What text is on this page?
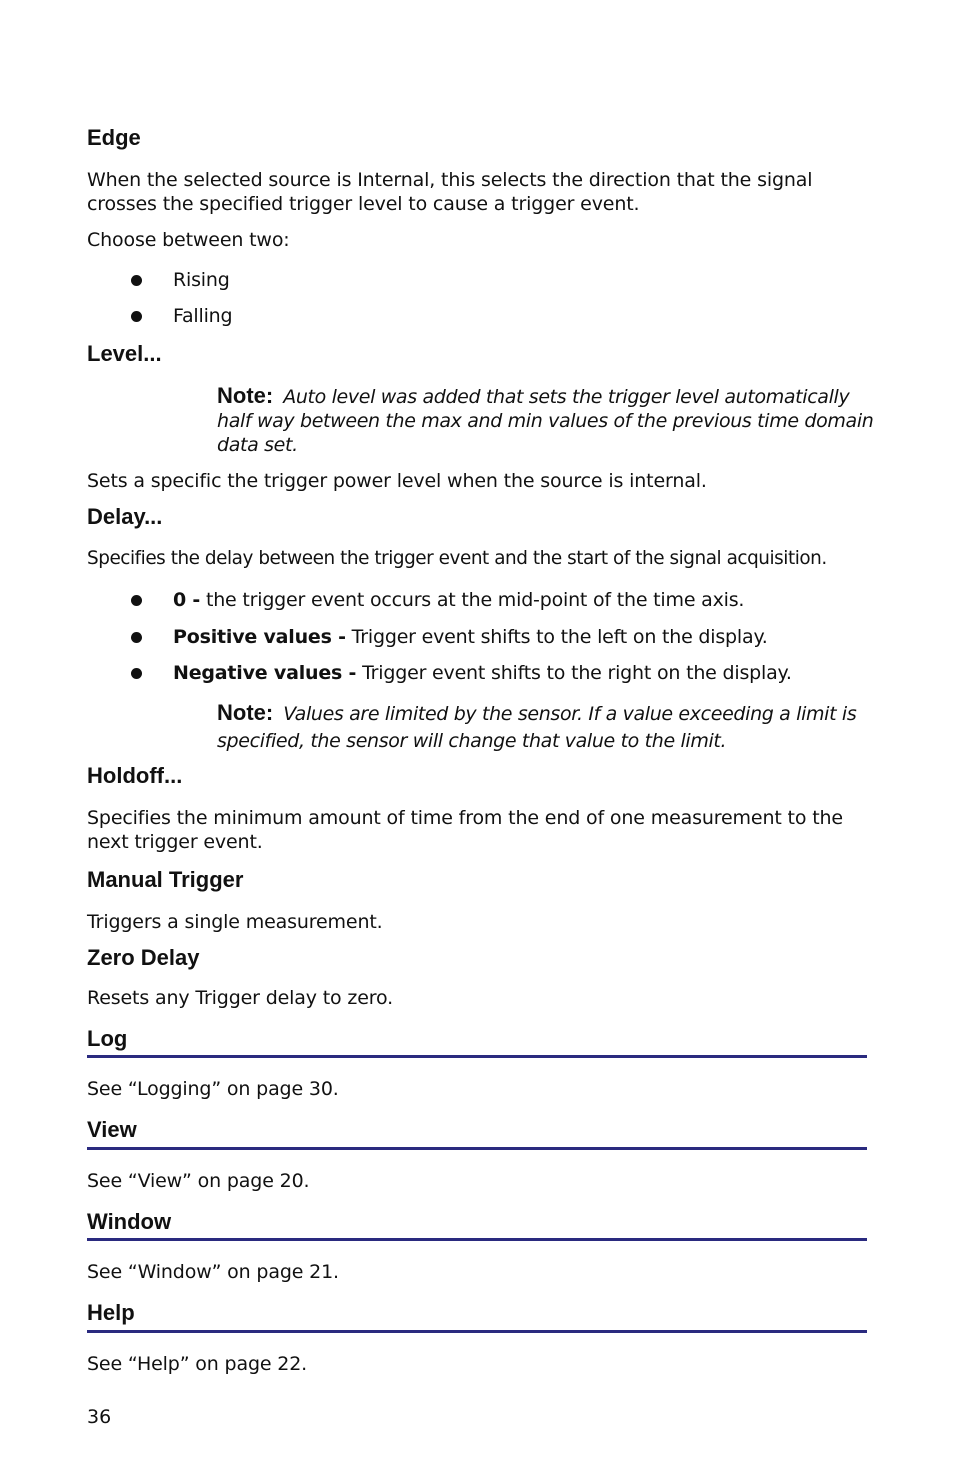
Edge

When the selected source is Internal, this selects the direction that the signal crosses the specified trigger level to cause a trigger event.

Choose between two:

Rising
Falling
Level...
Note: Auto level was added that sets the trigger level automatically half way between the max and min values of the previous time domain data set.

Sets a specific the trigger power level when the source is internal.

Delay...

Specifies the delay between the trigger event and the start of the signal acquisition.

0 - the trigger event occurs at the mid-point of the time axis.
Positive values - Trigger event shifts to the left on the display.
Negative values - Trigger event shifts to the right on the display.
Note: Values are limited by the sensor. If a value exceeding a limit is specified, the sensor will change that value to the limit.
Holdoff...

Specifies the minimum amount of time from the end of one measurement to the next trigger event.

Manual Trigger

Triggers a single measurement.

Zero Delay

Resets any Trigger delay to zero.

Log

See “Logging” on page 30.

View

See “View” on page 20.

Window

See “Window” on page 21.

Help

See “Help” on page 22.

36
